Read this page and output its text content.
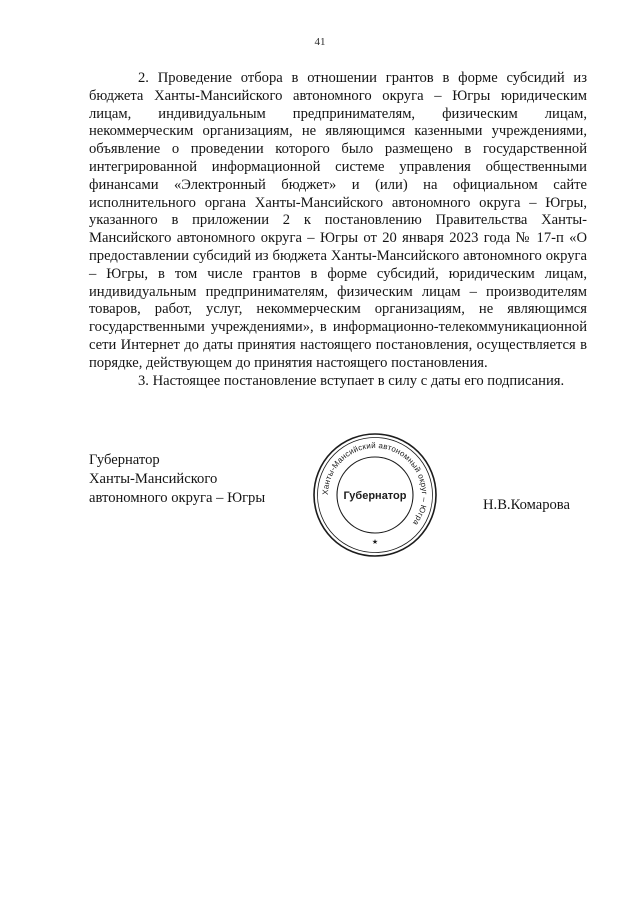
41

2. Проведение отбора в отношении грантов в форме субсидий из бюджета Ханты-Мансийского автономного округа – Югры юридическим лицам, индивидуальным предпринимателям, физическим лицам, некоммерческим организациям, не являющимся казенными учреждениями, объявление о проведении которого было размещено в государственной интегрированной информационной системе управления общественными финансами «Электронный бюджет» и (или) на официальном сайте исполнительного органа Ханты-Мансийского автономного округа – Югры, указанного в приложении 2 к постановлению Правительства Ханты-Мансийского автономного округа – Югры от 20 января 2023 года № 17-п «О предоставлении субсидий из бюджета Ханты-Мансийского автономного округа – Югры, в том числе грантов в форме субсидий, юридическим лицам, индивидуальным предпринимателям, физическим лицам – производителям товаров, работ, услуг, некоммерческим организациям, не являющимся государственными учреждениями», в информационно-телекоммуникационной сети Интернет до даты принятия настоящего постановления, осуществляется в порядке, действующем до принятия настоящего постановления.

3. Настоящее постановление вступает в силу с даты его подписания.

Губернатор
Ханты-Мансийского
автономного округа – Югры	Ханты-Мансийский автономный округ – Югра
Губернатор
★
Н.В.Комарова
